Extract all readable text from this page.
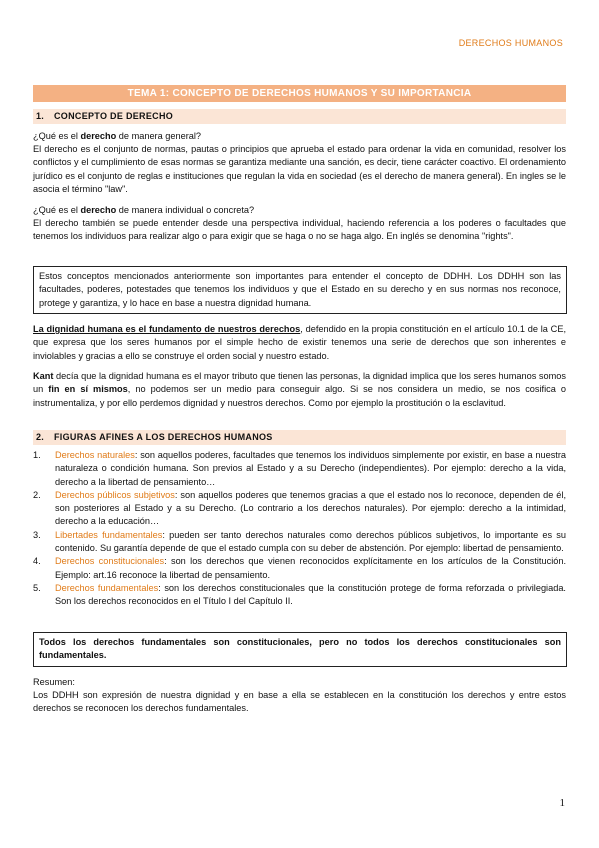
DERECHOS HUMANOS
TEMA 1: CONCEPTO DE DERECHOS HUMANOS Y SU IMPORTANCIA
1. CONCEPTO DE DERECHO
¿Qué es el derecho de manera general?
El derecho es el conjunto de normas, pautas o principios que aprueba el estado para ordenar la vida en comunidad, resolver los conflictos y el cumplimiento de esas normas se garantiza mediante una sanción, es decir, tiene carácter coactivo. El ordenamiento jurídico es el conjunto de reglas e instituciones que regulan la vida en sociedad (es el derecho de manera general). En ingles se le asocia el término "law".
¿Qué es el derecho de manera individual o concreta?
El derecho también se puede entender desde una perspectiva individual, haciendo referencia a los poderes o facultades que tenemos los individuos para realizar algo o para exigir que se haga o no se haga algo. En inglés se denomina "rights".
Estos conceptos mencionados anteriormente son importantes para entender el concepto de DDHH. Los DDHH son las facultades, poderes, potestades que tenemos los individuos y que el Estado en su derecho y en sus normas nos reconoce, protege y garantiza, y lo hace en base a nuestra dignidad humana.
La dignidad humana es el fundamento de nuestros derechos, defendido en la propia constitución en el artículo 10.1 de la CE, que expresa que los seres humanos por el simple hecho de existir tenemos una serie de derechos que son inherentes e inviolables y gracias a ello se construye el orden social y nuestro estado.
Kant decía que la dignidad humana es el mayor tributo que tienen las personas, la dignidad implica que los seres humanos somos un fin en sí mismos, no podemos ser un medio para conseguir algo. Si se nos considera un medio, se nos cosifica o instrumentaliza, y por ello perdemos dignidad y nuestros derechos. Como por ejemplo la prostitución o la esclavitud.
2. FIGURAS AFINES A LOS DERECHOS HUMANOS
1. Derechos naturales: son aquellos poderes, facultades que tenemos los individuos simplemente por existir, en base a nuestra naturaleza o condición humana. Son previos al Estado y a su Derecho (independientes). Por ejemplo: derecho a la vida, derecho a la libertad de pensamiento…
2. Derechos públicos subjetivos: son aquellos poderes que tenemos gracias a que el estado nos lo reconoce, dependen de él, son posteriores al Estado y a su Derecho. (Lo contrario a los derechos naturales). Por ejemplo: derecho a la intimidad, derecho a la educación…
3. Libertades fundamentales: pueden ser tanto derechos naturales como derechos públicos subjetivos, lo importante es su contenido. Su garantía depende de que el estado cumpla con su deber de abstención. Por ejemplo: libertad de pensamiento.
4. Derechos constitucionales: son los derechos que vienen reconocidos explícitamente en los artículos de la Constitución. Ejemplo: art.16 reconoce la libertad de pensamiento.
5. Derechos fundamentales: son los derechos constitucionales que la constitución protege de forma reforzada o privilegiada. Son los derechos reconocidos en el Título I del Capítulo II.
Todos los derechos fundamentales son constitucionales, pero no todos los derechos constitucionales son fundamentales.
Resumen:
Los DDHH son expresión de nuestra dignidad y en base a ella se establecen en la constitución los derechos y entre estos derechos se reconocen los derechos fundamentales.
1
